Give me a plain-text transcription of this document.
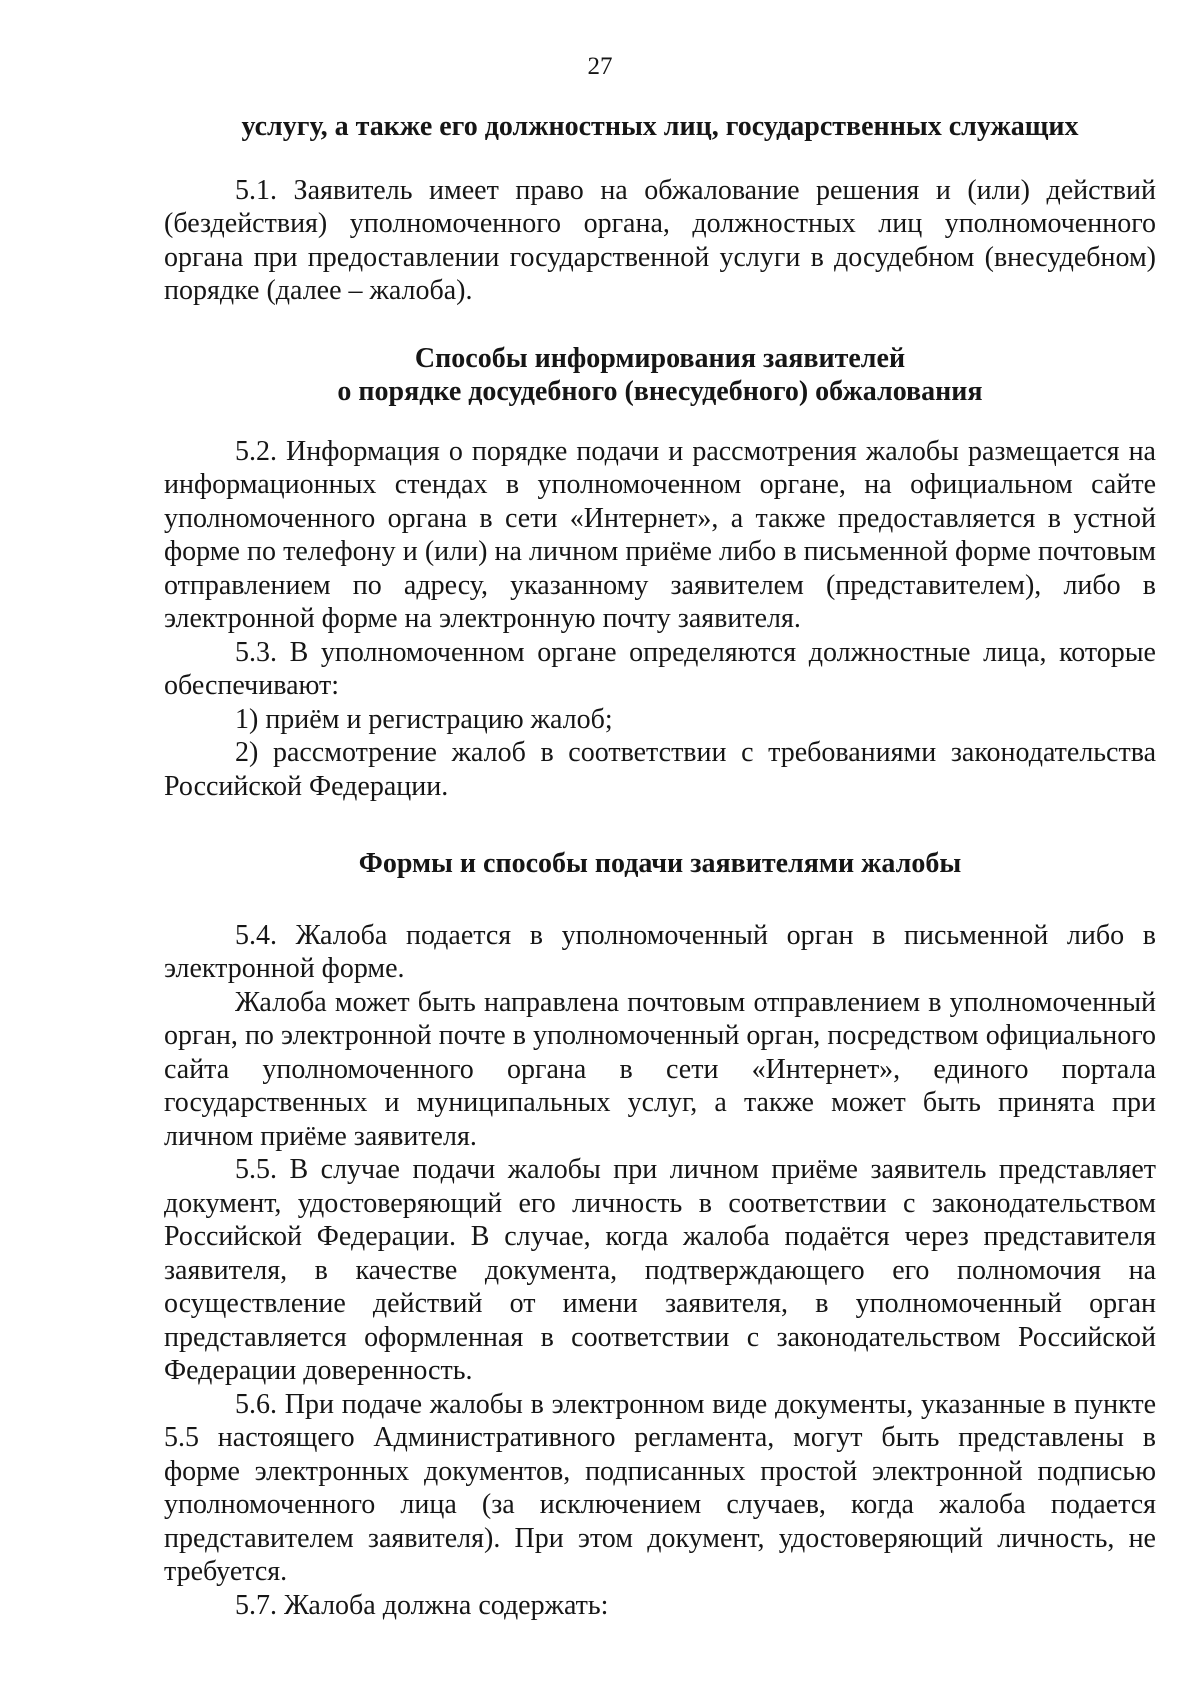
27

услугу, а также его должностных лиц, государственных служащих

5.1. Заявитель имеет право на обжалование решения и (или) действий (бездействия) уполномоченного органа, должностных лиц уполномоченного органа при предоставлении государственной услуги в досудебном (внесудебном) порядке (далее – жалоба).

Способы информирования заявителей
о порядке досудебного (внесудебного) обжалования

5.2. Информация о порядке подачи и рассмотрения жалобы размещается на информационных стендах в уполномоченном органе, на официальном сайте уполномоченного органа в сети «Интернет», а также предоставляется в устной форме по телефону и (или) на личном приёме либо в письменной форме почтовым отправлением по адресу, указанному заявителем (представителем), либо в электронной форме на электронную почту заявителя.

5.3. В уполномоченном органе определяются должностные лица, которые обеспечивают:

1) приём и регистрацию жалоб;

2) рассмотрение жалоб в соответствии с требованиями законодательства Российской Федерации.

Формы и способы подачи заявителями жалобы

5.4. Жалоба подается в уполномоченный орган в письменной либо в электронной форме.

Жалоба может быть направлена почтовым отправлением в уполномоченный орган, по электронной почте в уполномоченный орган, посредством официального сайта уполномоченного органа в сети «Интернет», единого портала государственных и муниципальных услуг, а также может быть принята при личном приёме заявителя.

5.5. В случае подачи жалобы при личном приёме заявитель представляет документ, удостоверяющий его личность в соответствии с законодательством Российской Федерации. В случае, когда жалоба подаётся через представителя заявителя, в качестве документа, подтверждающего его полномочия на осуществление действий от имени заявителя, в уполномоченный орган представляется оформленная в соответствии с законодательством Российской Федерации доверенность.

5.6. При подаче жалобы в электронном виде документы, указанные в пункте 5.5 настоящего Административного регламента, могут быть представлены в форме электронных документов, подписанных простой электронной подписью уполномоченного лица (за исключением случаев, когда жалоба подается представителем заявителя). При этом документ, удостоверяющий личность, не требуется.

5.7. Жалоба должна содержать:
